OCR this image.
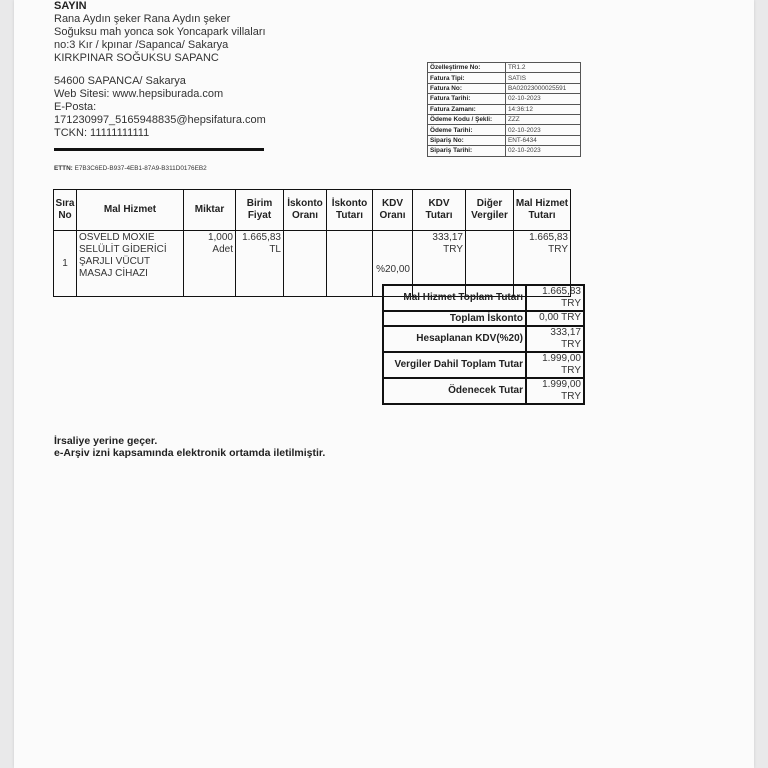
SAYIN
Rana Aydın şeker Rana Aydın şeker
Soğuksu mah yonca sok Yoncapark villaları
no:3 Kır / kpınar /Sapanca/ Sakarya
KIRKPINAR SOĞUKSU SAPANC
54600 SAPANCA/ Sakarya
Web Sitesi: www.hepsiburada.com
E-Posta:
171230997_5165948835@hepsifatura.com
TCKN: 11111111111
Özelleştirme No:	TR1.2
Fatura Tipi:	SATIS
Fatura No:	BA02023000025591
Fatura Tarihi:	02-10-2023
Fatura Zamanı:	14:36:12
Ödeme Kodu / Şekli:	ZZZ
Ödeme Tarihi:	02-10-2023
Sipariş No:	ENT-6434
Sipariş Tarihi:	02-10-2023
ETTN: E7B3C6ED-B937-4EB1-87A9-B311D0176EB2
Sıra No	Mal Hizmet	Miktar	Birim Fiyat	İskonto Oranı	İskonto Tutarı	KDV Oranı	KDV Tutarı	Diğer Vergiler	Mal Hizmet Tutarı
1	OSVELD MOXIE SELÜLİT GİDERİCİ ŞARJLI VÜCUT MASAJ CİHAZI	1,000 Adet	1.665,83 TL			%20,00	333,17 TRY		1.665,83 TRY
Mal Hizmet Toplam Tutarı	1.665,83 TRY
Toplam İskonto	0,00 TRY
Hesaplanan KDV(%20)	333,17 TRY
Vergiler Dahil Toplam Tutar	1.999,00 TRY
Ödenecek Tutar	1.999,00 TRY
İrsaliye yerine geçer.
e-Arşiv izni kapsamında elektronik ortamda iletilmiştir.
